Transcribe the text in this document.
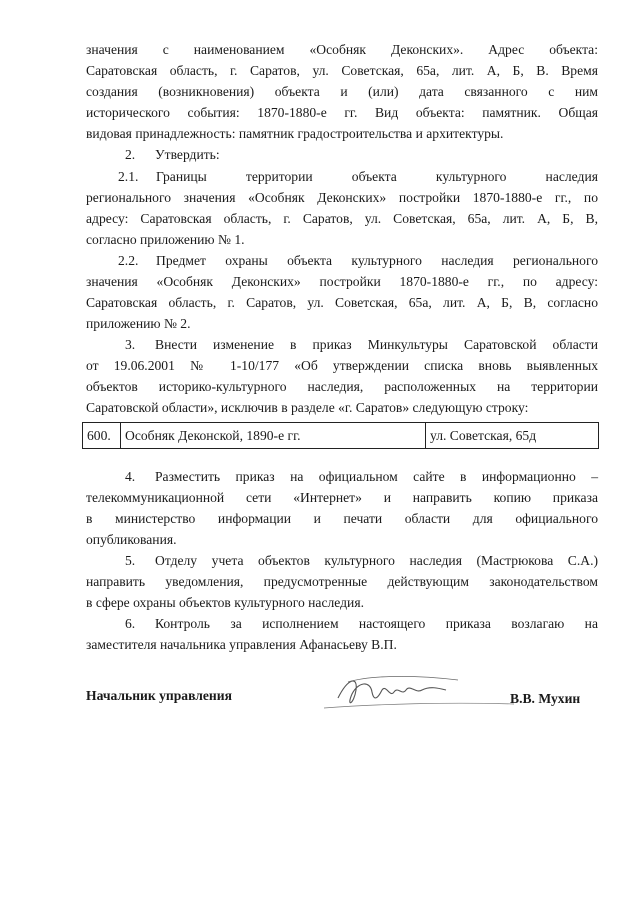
значения с наименованием «Особняк Деконских». Адрес объекта:
Саратовская область, г. Саратов, ул. Советская, 65а, лит. А, Б, В. Время
создания (возникновения) объекта и (или) дата связанного с ним
исторического события: 1870-1880-е гг. Вид объекта: памятник. Общая
видовая принадлежность: памятник градостроительства и архитектуры.
2. Утвердить:
2.1. Границы территории объекта культурного наследия
регионального значения «Особняк Деконских» постройки 1870-1880-е гг., по
адресу: Саратовская область, г. Саратов, ул. Советская, 65а, лит. А, Б, В,
согласно приложению № 1.
2.2. Предмет охраны объекта культурного наследия регионального
значения «Особняк Деконских» постройки 1870-1880-е гг., по адресу:
Саратовская область, г. Саратов, ул. Советская, 65а, лит. А, Б, В, согласно
приложению № 2.
3. Внести изменение в приказ Минкультуры Саратовской области
от 19.06.2001 № 1-10/177 «Об утверждении списка вновь выявленных
объектов историко-культурного наследия, расположенных на территории
Саратовской области», исключив в разделе «г. Саратов» следующую строку:
600.	Особняк Деконской, 1890-е гг.	ул. Советская, 65д
4. Разместить приказ на официальном сайте в информационно –
телекоммуникационной сети «Интернет» и направить копию приказа
в министерство информации и печати области для официального
опубликования.
5. Отделу учета объектов культурного наследия (Мастрюкова С.А.)
направить уведомления, предусмотренные действующим законодательством
в сфере охраны объектов культурного наследия.
6. Контроль за исполнением настоящего приказа возлагаю на
заместителя начальника управления Афанасьеву В.П.
Начальник управления	В.В. Мухин
